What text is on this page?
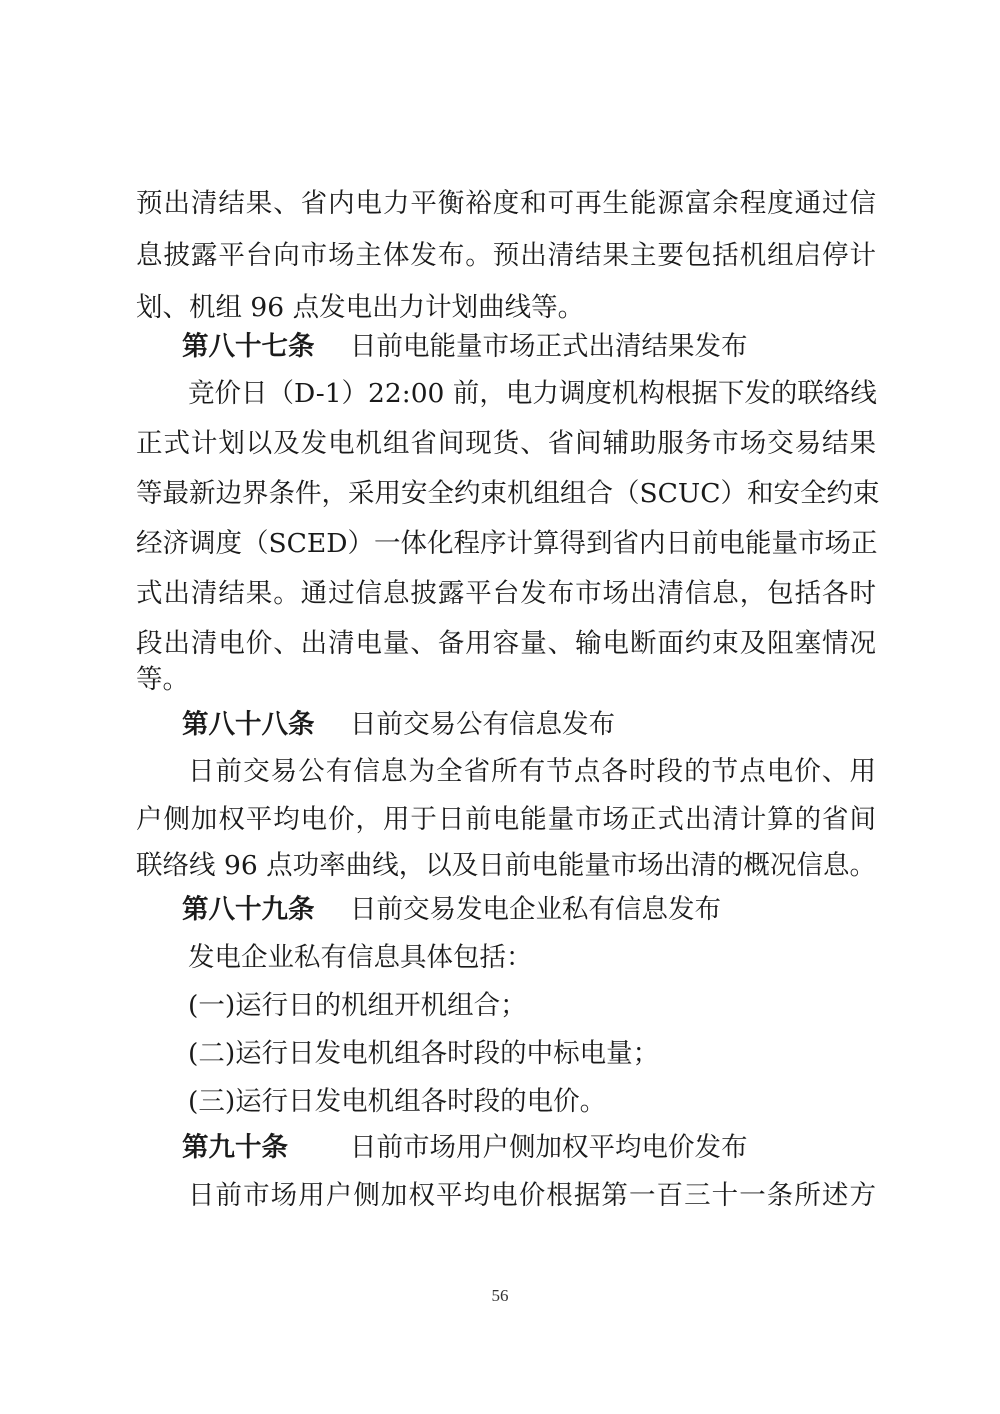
预出清结果、省内电力平衡裕度和可再生能源富余程度通过信
息披露平台向市场主体发布。预出清结果主要包括机组启停计
划、机组 96 点发电出力计划曲线等。
第八十七条 日前电能量市场正式出清结果发布
竞价日（D-1）22:00 前，电力调度机构根据下发的联络线
正式计划以及发电机组省间现货、省间辅助服务市场交易结果
等最新边界条件，采用安全约束机组组合（SCUC）和安全约束
经济调度（SCED）一体化程序计算得到省内日前电能量市场正
式出清结果。通过信息披露平台发布市场出清信息，包括各时
段出清电价、出清电量、备用容量、输电断面约束及阻塞情况
等。
第八十八条 日前交易公有信息发布
日前交易公有信息为全省所有节点各时段的节点电价、用
户侧加权平均电价，用于日前电能量市场正式出清计算的省间
联络线 96 点功率曲线，以及日前电能量市场出清的概况信息。
第八十九条 日前交易发电企业私有信息发布
发电企业私有信息具体包括：
(一)运行日的机组开机组合；
(二)运行日发电机组各时段的中标电量；
(三)运行日发电机组各时段的电价。
第九十条 日前市场用户侧加权平均电价发布
日前市场用户侧加权平均电价根据第一百三十一条所述方
56
